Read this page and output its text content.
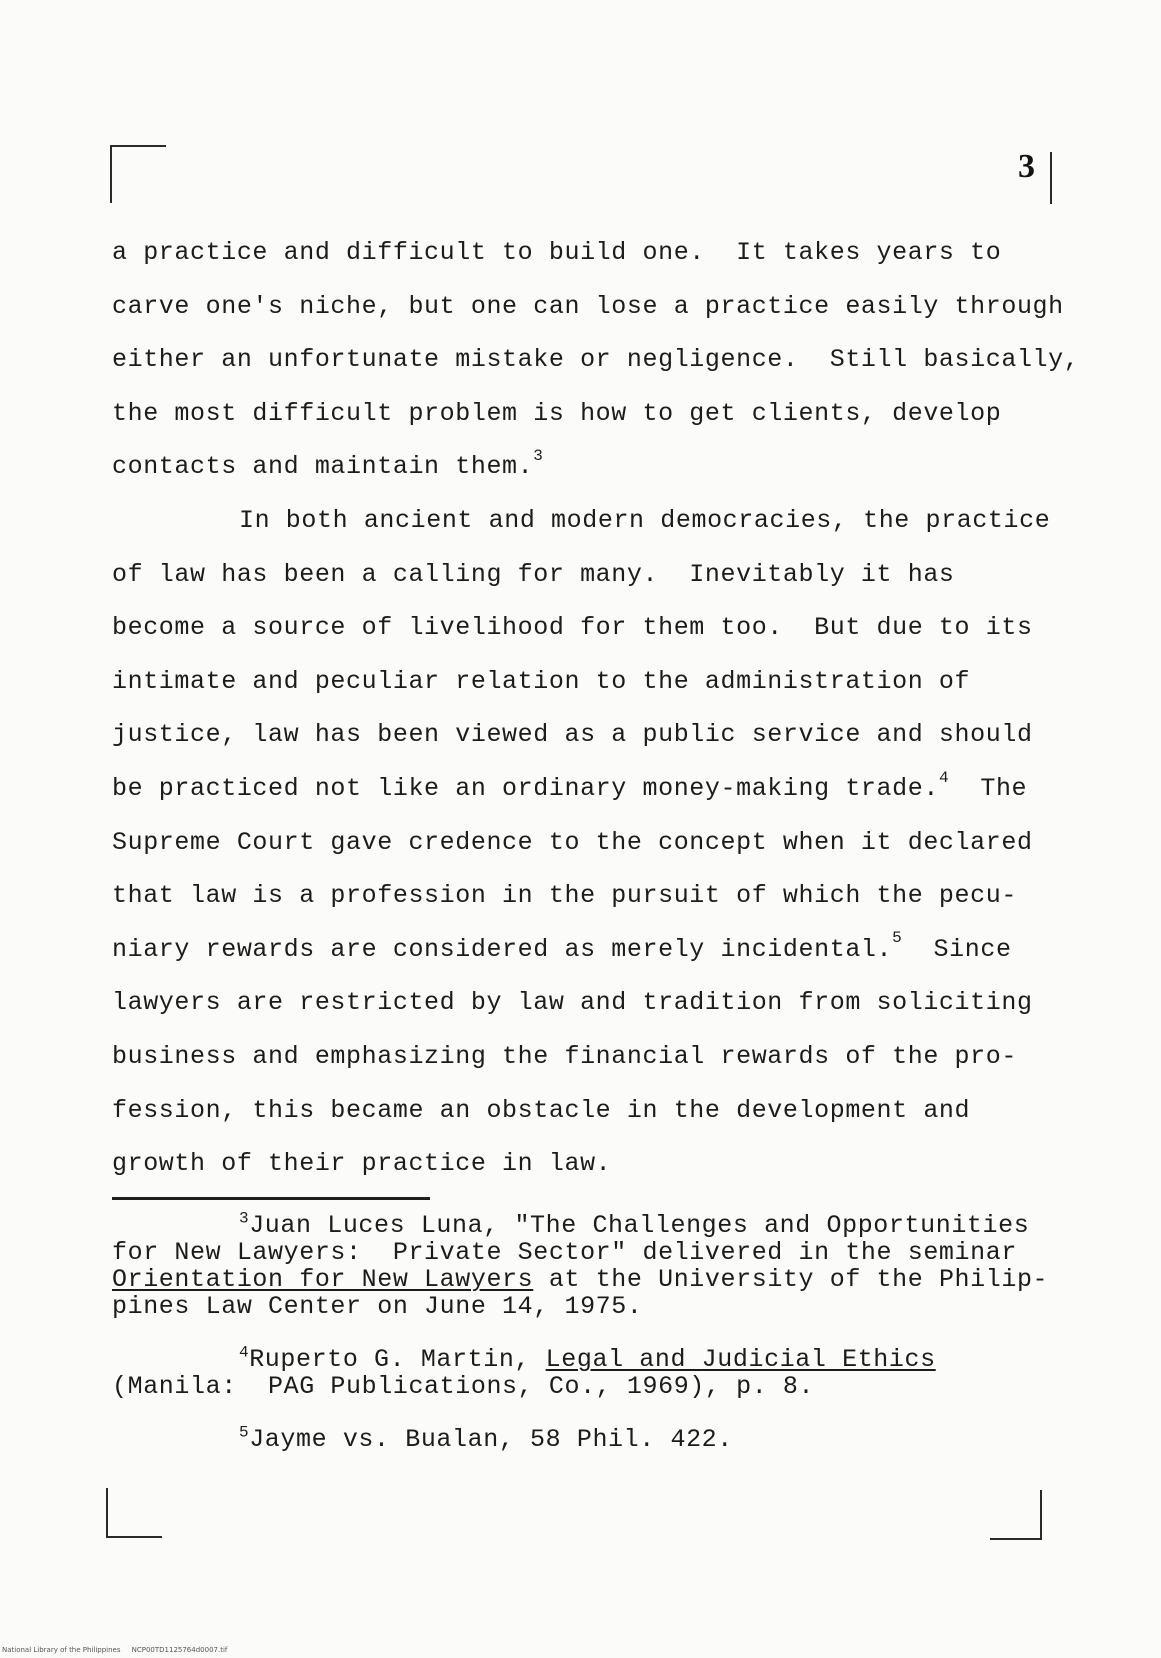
3
a practice and difficult to build one.  It takes years to
carve one's niche, but one can lose a practice easily through
either an unfortunate mistake or negligence.  Still basically,
the most difficult problem is how to get clients, develop
contacts and maintain them.$^3$
In both ancient and modern democracies, the practice
of law has been a calling for many.  Inevitably it has
become a source of livelihood for them too.  But due to its
intimate and peculiar relation to the administration of
justice, law has been viewed as a public service and should
be practiced not like an ordinary money-making trade.$^4$  The
Supreme Court gave credence to the concept when it declared
that law is a profession in the pursuit of which the pecu-
niary rewards are considered as merely incidental.$^5$  Since
lawyers are restricted by law and tradition from soliciting
business and emphasizing the financial rewards of the pro-
fession, this became an obstacle in the development and
growth of their practice in law.
$^3$Juan Luces Luna, "The Challenges and Opportunities
for New Lawyers:  Private Sector" delivered in the seminar
Orientation for New Lawyers at the University of the Philip-
pines Law Center on June 14, 1975.
$^4$Ruperto G. Martin, Legal and Judicial Ethics
(Manila:  PAG Publications, Co., 1969), p. 8.
$^5$Jayme vs. Bualan, 58 Phil. 422.
National Library of the Philippines     NCP00TD1125764d0007.tif
